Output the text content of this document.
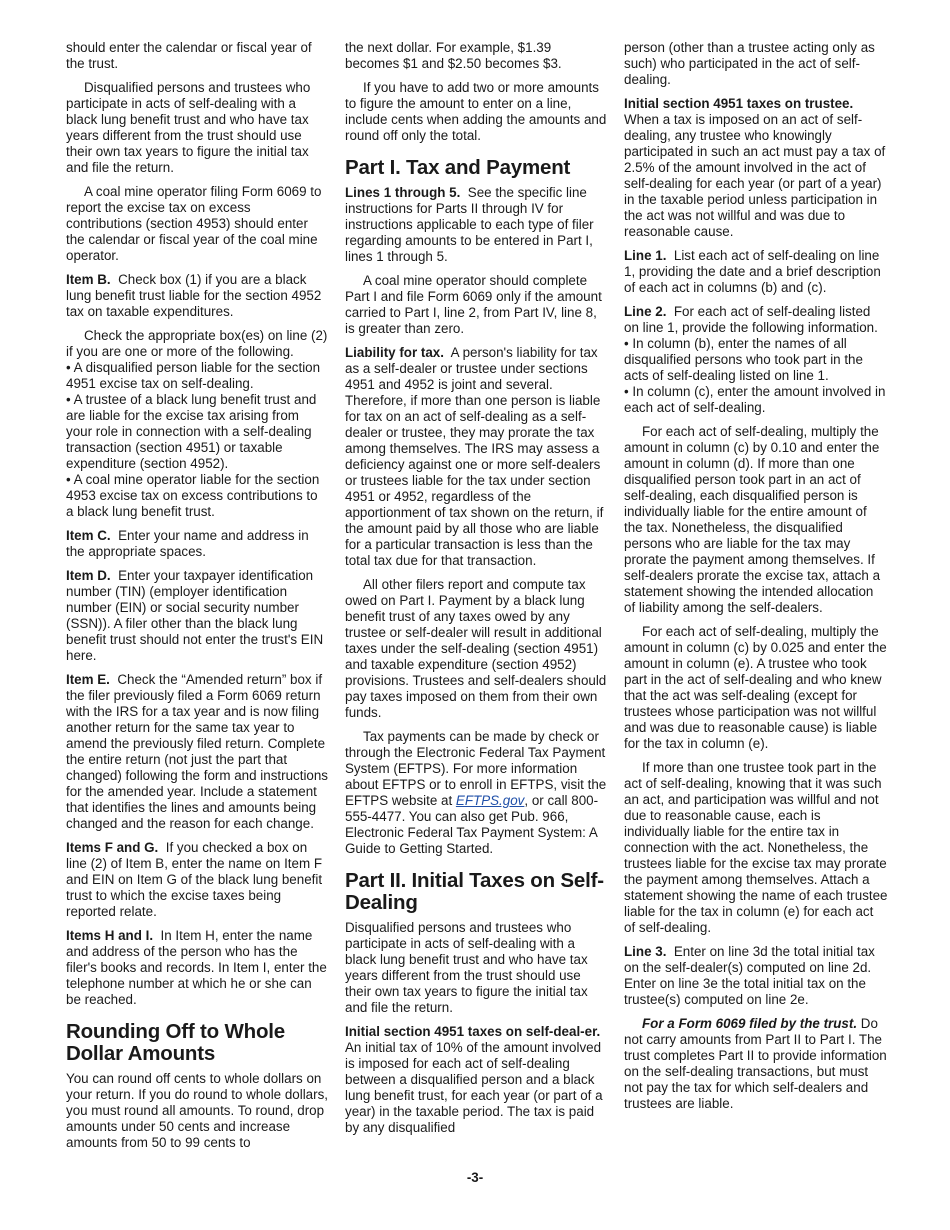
should enter the calendar or fiscal year of the trust.

Disqualified persons and trustees who participate in acts of self-dealing with a black lung benefit trust and who have tax years different from the trust should use their own tax years to figure the initial tax and file the return.

A coal mine operator filing Form 6069 to report the excise tax on excess contributions (section 4953) should enter the calendar or fiscal year of the coal mine operator.

Item B. Check box (1) if you are a black lung benefit trust liable for the section 4952 tax on taxable expenditures.

Check the appropriate box(es) on line (2) if you are one or more of the following.

• A disqualified person liable for the section 4951 excise tax on self-dealing.

• A trustee of a black lung benefit trust and are liable for the excise tax arising from your role in connection with a self-dealing transaction (section 4951) or taxable expenditure (section 4952).

• A coal mine operator liable for the section 4953 excise tax on excess contributions to a black lung benefit trust.

Item C. Enter your name and address in the appropriate spaces.

Item D. Enter your taxpayer identification number (TIN) (employer identification number (EIN) or social security number (SSN)). A filer other than the black lung benefit trust should not enter the trust's EIN here.

Item E. Check the “Amended return” box if the filer previously filed a Form 6069 return with the IRS for a tax year and is now filing another return for the same tax year to amend the previously filed return. Complete the entire return (not just the part that changed) following the form and instructions for the amended year. Include a statement that identifies the lines and amounts being changed and the reason for each change.

Items F and G. If you checked a box on line (2) of Item B, enter the name on Item F and EIN on Item G of the black lung benefit trust to which the excise taxes being reported relate.

Items H and I. In Item H, enter the name and address of the person who has the filer's books and records. In Item I, enter the telephone number at which he or she can be reached.

Rounding Off to Whole Dollar Amounts

You can round off cents to whole dollars on your return. If you do round to whole dollars, you must round all amounts. To round, drop amounts under 50 cents and increase amounts from 50 to 99 cents to

the next dollar. For example, $1.39 becomes $1 and $2.50 becomes $3.

If you have to add two or more amounts to figure the amount to enter on a line, include cents when adding the amounts and round off only the total.

Part I. Tax and Payment

Lines 1 through 5. See the specific line instructions for Parts II through IV for instructions applicable to each type of filer regarding amounts to be entered in Part I, lines 1 through 5.

A coal mine operator should complete Part I and file Form 6069 only if the amount carried to Part I, line 2, from Part IV, line 8, is greater than zero.

Liability for tax. A person's liability for tax as a self-dealer or trustee under sections 4951 and 4952 is joint and several. Therefore, if more than one person is liable for tax on an act of self-dealing as a self-dealer or trustee, they may prorate the tax among themselves. The IRS may assess a deficiency against one or more self-dealers or trustees liable for the tax under section 4951 or 4952, regardless of the apportionment of tax shown on the return, if the amount paid by all those who are liable for a particular transaction is less than the total tax due for that transaction.

All other filers report and compute tax owed on Part I. Payment by a black lung benefit trust of any taxes owed by any trustee or self-dealer will result in additional taxes under the self-dealing (section 4951) and taxable expenditure (section 4952) provisions. Trustees and self-dealers should pay taxes imposed on them from their own funds.

Tax payments can be made by check or through the Electronic Federal Tax Payment System (EFTPS). For more information about EFTPS or to enroll in EFTPS, visit the EFTPS website at EFTPS.gov, or call 800-555-4477. You can also get Pub. 966, Electronic Federal Tax Payment System: A Guide to Getting Started.

Part II. Initial Taxes on Self-Dealing

Disqualified persons and trustees who participate in acts of self-dealing with a black lung benefit trust and who have tax years different from the trust should use their own tax years to figure the initial tax and file the return.

Initial section 4951 taxes on self-deal-er.  An initial tax of 10% of the amount involved is imposed for each act of self-dealing between a disqualified person and a black lung benefit trust, for each year (or part of a year) in the taxable period. The tax is paid by any disqualified

person (other than a trustee acting only as such) who participated in the act of self-dealing.

Initial section 4951 taxes on trustee. When a tax is imposed on an act of self-dealing, any trustee who knowingly participated in such an act must pay a tax of 2.5% of the amount involved in the act of self-dealing for each year (or part of a year) in the taxable period unless participation in the act was not willful and was due to reasonable cause.

Line 1. List each act of self-dealing on line 1, providing the date and a brief description of each act in columns (b) and (c).

Line 2. For each act of self-dealing listed on line 1, provide the following information.

• In column (b), enter the names of all disqualified persons who took part in the acts of self-dealing listed on line 1.

• In column (c), enter the amount involved in each act of self-dealing.

For each act of self-dealing, multiply the amount in column (c) by 0.10 and enter the amount in column (d). If more than one disqualified person took part in an act of self-dealing, each disqualified person is individually liable for the entire amount of the tax. Nonetheless, the disqualified persons who are liable for the tax may prorate the payment among themselves. If self-dealers prorate the excise tax, attach a statement showing the intended allocation of liability among the self-dealers.

For each act of self-dealing, multiply the amount in column (c) by 0.025 and enter the amount in column (e). A trustee who took part in the act of self-dealing and who knew that the act was self-dealing (except for trustees whose participation was not willful and was due to reasonable cause) is liable for the tax in column (e).

If more than one trustee took part in the act of self-dealing, knowing that it was such an act, and participation was willful and not due to reasonable cause, each is individually liable for the entire tax in connection with the act. Nonetheless, the trustees liable for the excise tax may prorate the payment among themselves. Attach a statement showing the name of each trustee liable for the tax in column (e) for each act of self-dealing.

Line 3. Enter on line 3d the total initial tax on the self-dealer(s) computed on line 2d. Enter on line 3e the total initial tax on the trustee(s) computed on line 2e.

For a Form 6069 filed by the trust. Do not carry amounts from Part II to Part I. The trust completes Part II to provide information on the self-dealing transactions, but must not pay the tax for which self-dealers and trustees are liable.

-3-
